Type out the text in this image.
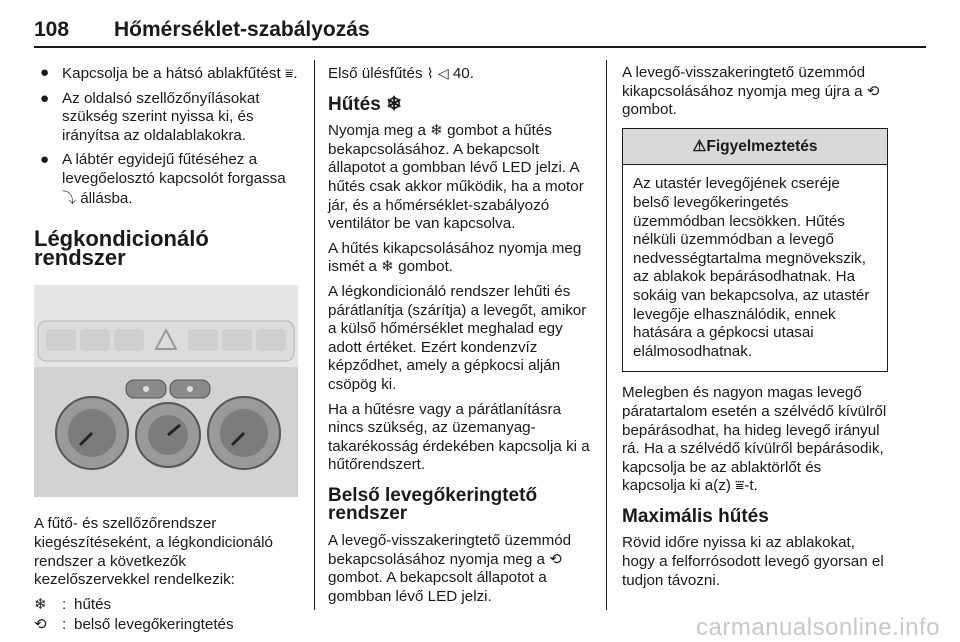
108 Hőmérséklet-szabályozás
● Kapcsolja be a hátsó ablakfűtést ⩸.
● Az oldalsó szellőzőnyílásokat szükség szerint nyissa ki, és irányítsa az oldalablakokra.
● A lábtér egyidejű fűtéséhez a levegőelosztó kapcsolót forgassa ⤵ állásba.
Légkondicionáló rendszer

A fűtő- és szellőzőrendszer kiegészítéseként, a légkondicionáló rendszer a következők kezelőszervekkel rendelkezik:

❄	: hűtés
⟲	: belső levegőkeringtetés

Első ülésfűtés ⌇ ◁ 40.

Hűtés ❄

Nyomja meg a ❄ gombot a hűtés bekapcsolásához. A bekapcsolt állapotot a gombban lévő LED jelzi. A hűtés csak akkor működik, ha a motor jár, és a hőmérséklet-szabályozó ventilátor be van kapcsolva.

A hűtés kikapcsolásához nyomja meg ismét a ❄ gombot.

A légkondicionáló rendszer lehűti és párátlanítja (szárítja) a levegőt, amikor a külső hőmérséklet meghalad egy adott értéket. Ezért kondenzvíz képződhet, amely a gépkocsi alján csöpög ki.

Ha a hűtésre vagy a párátlanításra nincs szükség, az üzemanyag-takarékosság érdekében kapcsolja ki a hűtőrendszert.

Belső levegőkeringtető rendszer

A levegő-visszakeringtető üzemmód bekapcsolásához nyomja meg a ⟲ gombot. A bekapcsolt állapotot a gombban lévő LED jelzi.

A levegő-visszakeringtető üzemmód kikapcsolásához nyomja meg újra a ⟲ gombot.

⚠Figyelmeztetés
Az utastér levegőjének cseréje belső levegőkeringetés üzemmódban lecsökken. Hűtés nélküli üzemmódban a levegő nedvességtartalma megnövekszik, az ablakok bepárásodhatnak. Ha sokáig van bekapcsolva, az utastér levegője elhasználódik, ennek hatására a gépkocsi utasai elálmosodhatnak.

Melegben és nagyon magas levegő páratartalom esetén a szélvédő kívülről bepárásodhat, ha hideg levegő irányul rá. Ha a szélvédő kívülről bepárásodik, kapcsolja be az ablaktörlőt és kapcsolja ki a(z) ⩸-t.

Maximális hűtés

Rövid időre nyissa ki az ablakokat, hogy a felforrósodott levegő gyorsan el tudjon távozni.

carmanualsonline.info
